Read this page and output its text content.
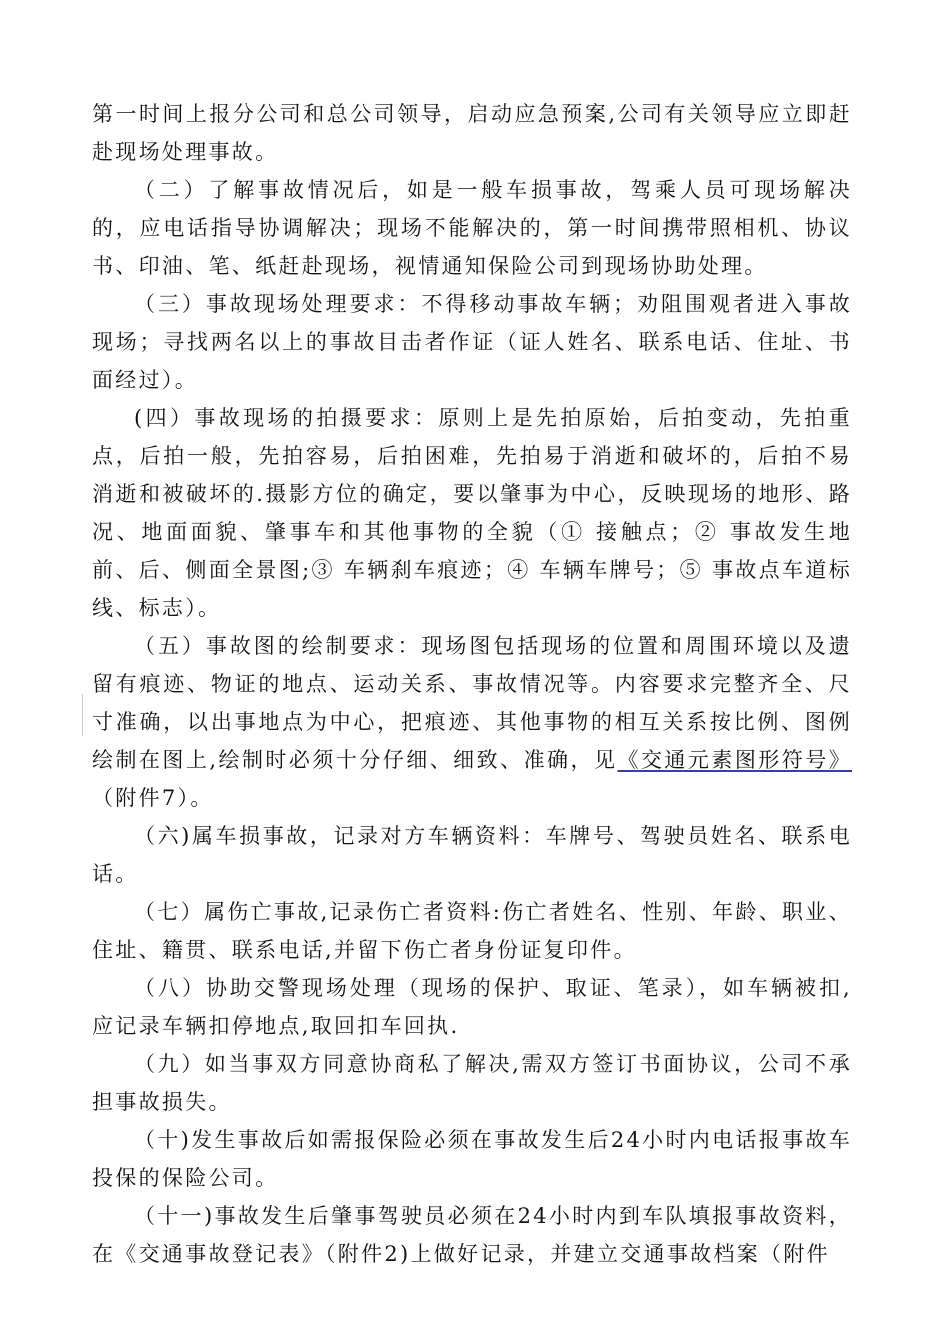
第一时间上报分公司和总公司领导，启动应急预案,公司有关领导应立即赶赴现场处理事故。

（二）了解事故情况后，如是一般车损事故，驾乘人员可现场解决的，应电话指导协调解决；现场不能解决的，第一时间携带照相机、协议书、印油、笔、纸赶赴现场，视情通知保险公司到现场协助处理。

（三）事故现场处理要求：不得移动事故车辆；劝阻围观者进入事故现场；寻找两名以上的事故目击者作证（证人姓名、联系电话、住址、书面经过）。

(四）事故现场的拍摄要求：原则上是先拍原始，后拍变动，先拍重点，后拍一般，先拍容易，后拍困难，先拍易于消逝和破坏的，后拍不易消逝和被破坏的.摄影方位的确定，要以肇事为中心，反映现场的地形、路况、地面面貌、肇事车和其他事物的全貌（① 接触点；② 事故发生地前、后、侧面全景图;③ 车辆刹车痕迹；④ 车辆车牌号；⑤ 事故点车道标线、标志）。

（五）事故图的绘制要求：现场图包括现场的位置和周围环境以及遗留有痕迹、物证的地点、运动关系、事故情况等。内容要求完整齐全、尺寸准确，以出事地点为中心，把痕迹、其他事物的相互关系按比例、图例绘制在图上,绘制时必须十分仔细、细致、准确，见《交通元素图形符号》（附件7）。

（六)属车损事故，记录对方车辆资料：车牌号、驾驶员姓名、联系电话。

（七）属伤亡事故,记录伤亡者资料:伤亡者姓名、性别、年龄、职业、住址、籍贯、联系电话,并留下伤亡者身份证复印件。

（八）协助交警现场处理（现场的保护、取证、笔录），如车辆被扣,应记录车辆扣停地点,取回扣车回执.

（九）如当事双方同意协商私了解决,需双方签订书面协议，公司不承担事故损失。

（十)发生事故后如需报保险必须在事故发生后24小时内电话报事故车投保的保险公司。

（十一)事故发生后肇事驾驶员必须在24小时内到车队填报事故资料，在《交通事故登记表》（附件2)上做好记录，并建立交通事故档案（附件
